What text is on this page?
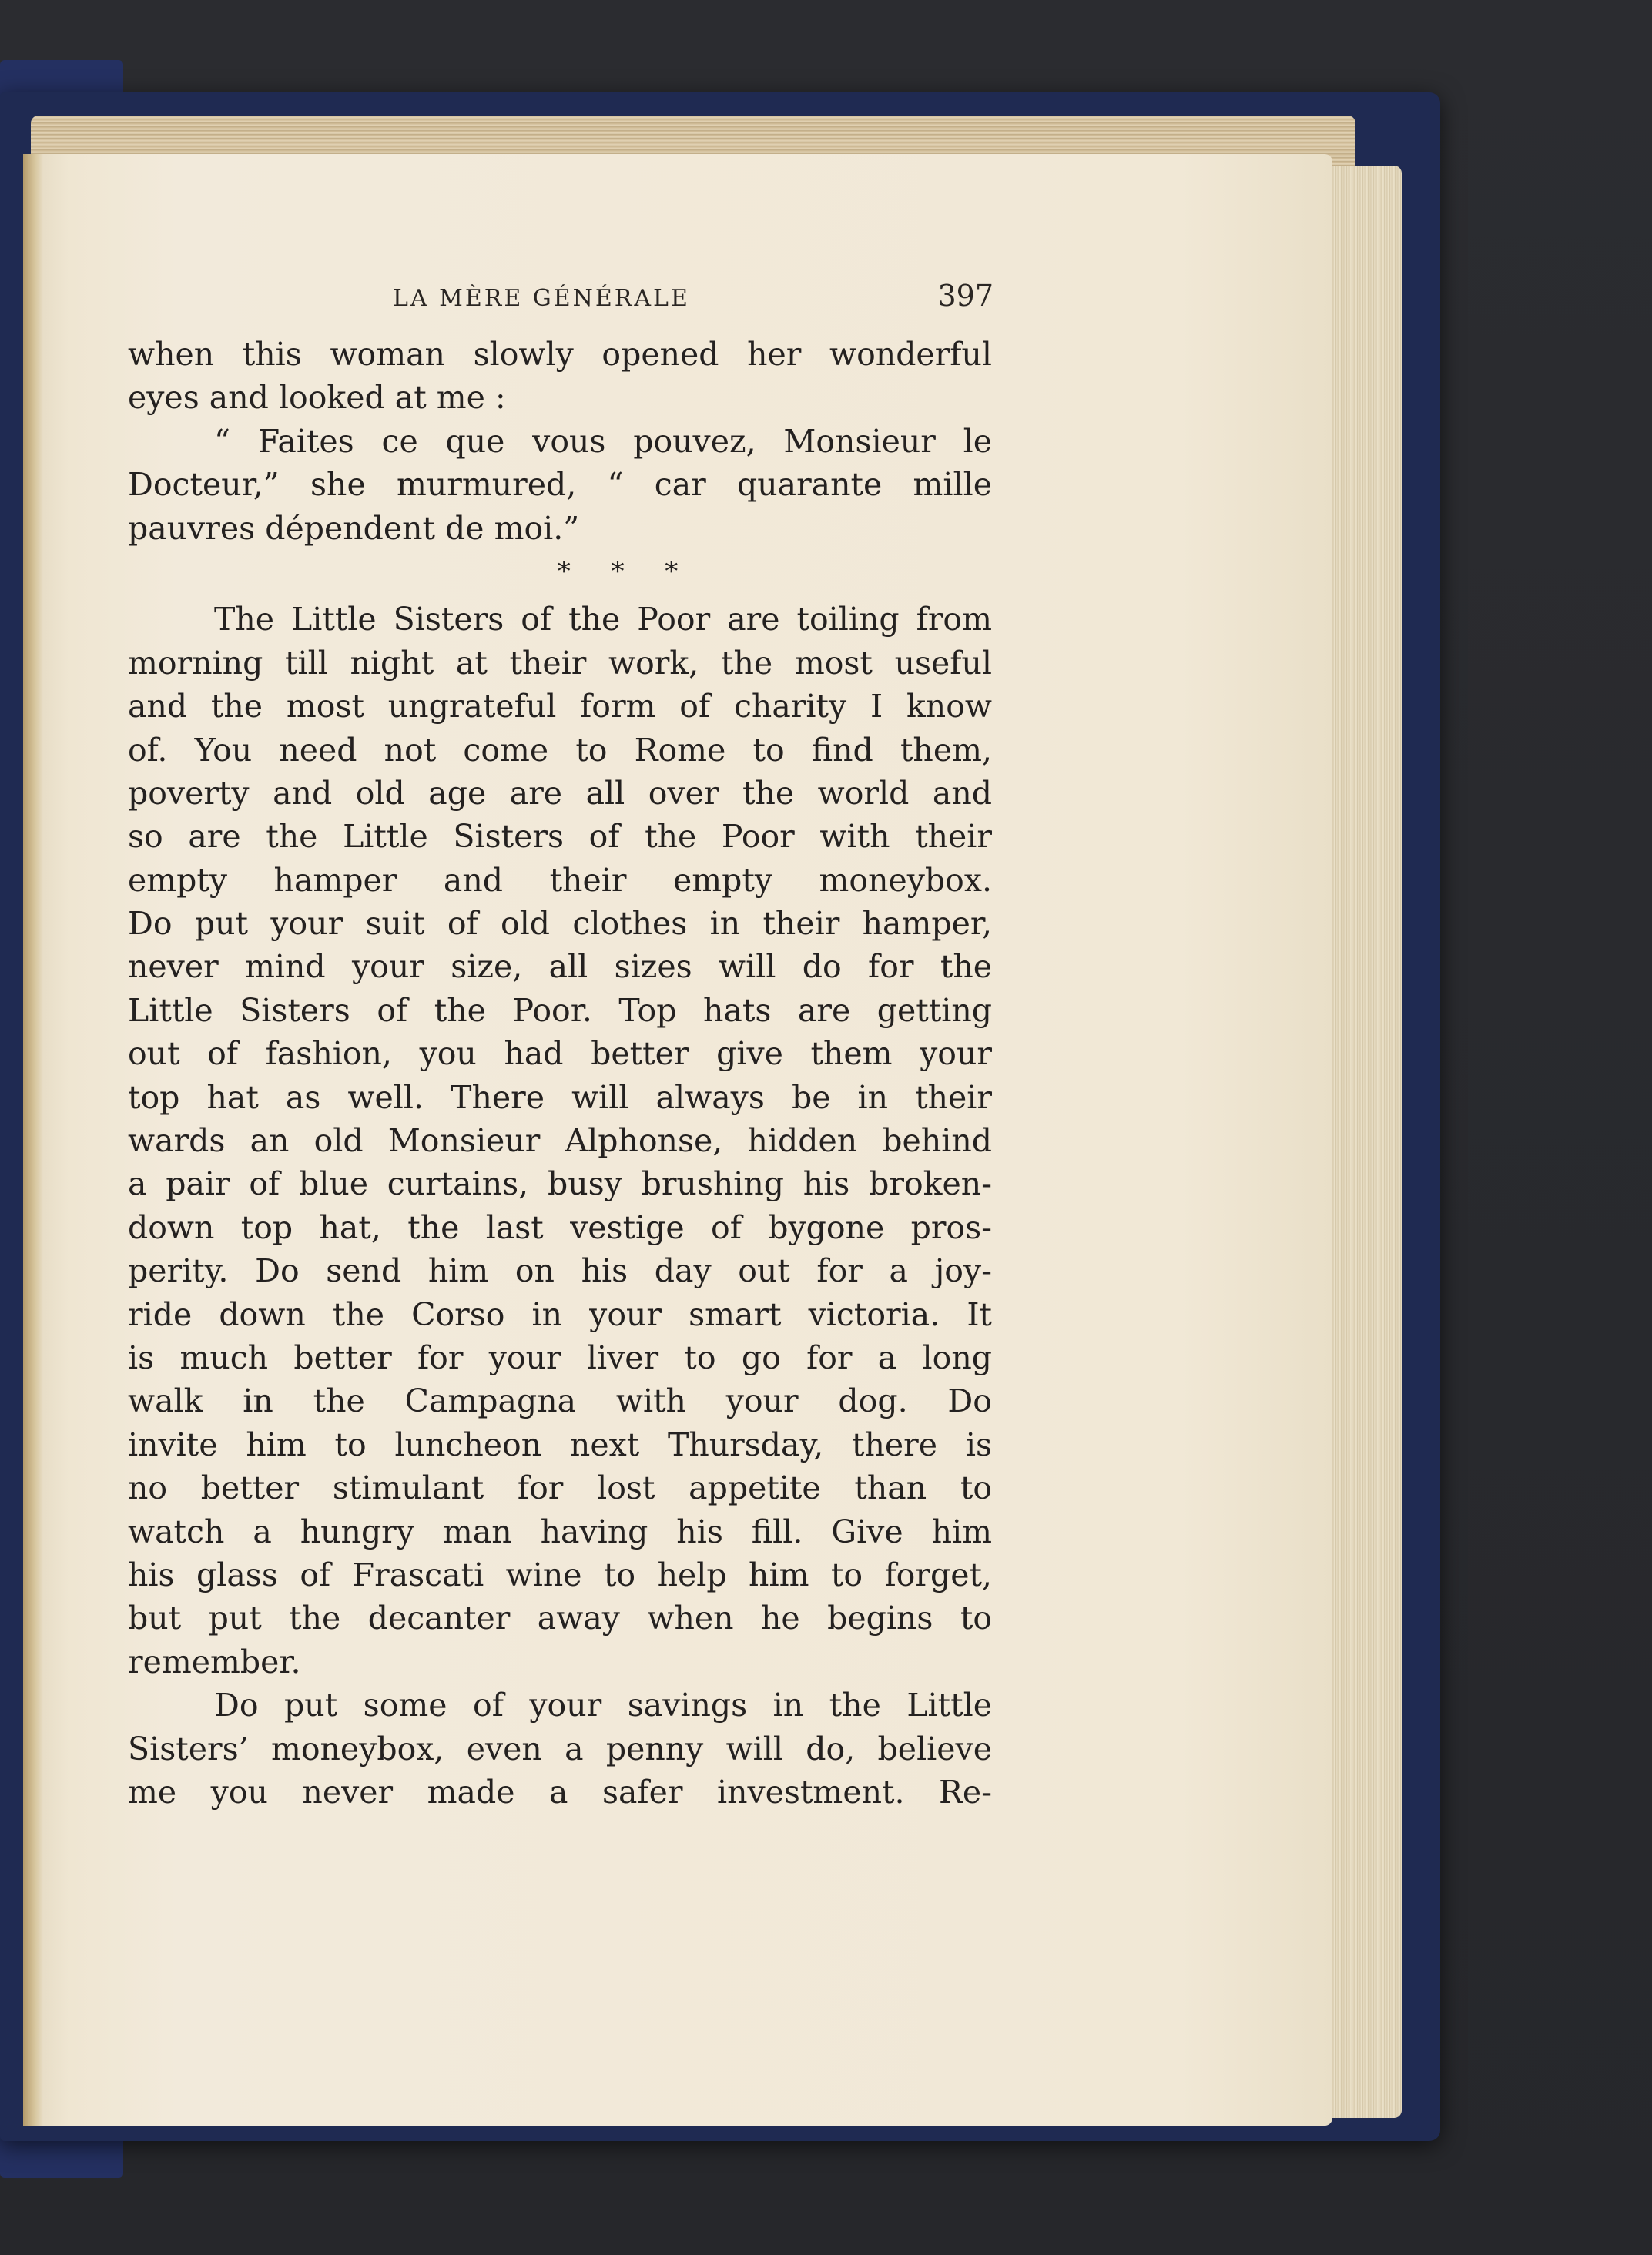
LA MÈRE GÉNÉRALE	397
when this woman slowly opened her wonderful
eyes and looked at me :
“ Faites ce que vous pouvez, Monsieur le
Docteur,” she murmured, “ car quarante mille
pauvres dépendent de moi.”
* * *
The Little Sisters of the Poor are toiling from
morning till night at their work, the most useful
and the most ungrateful form of charity I know
of. You need not come to Rome to find them,
poverty and old age are all over the world and
so are the Little Sisters of the Poor with their
empty hamper and their empty moneybox.
Do put your suit of old clothes in their hamper,
never mind your size, all sizes will do for the
Little Sisters of the Poor. Top hats are getting
out of fashion, you had better give them your
top hat as well. There will always be in their
wards an old Monsieur Alphonse, hidden behind
a pair of blue curtains, busy brushing his broken-
down top hat, the last vestige of bygone pros-
perity. Do send him on his day out for a joy-
ride down the Corso in your smart victoria. It
is much better for your liver to go for a long
walk in the Campagna with your dog. Do
invite him to luncheon next Thursday, there is
no better stimulant for lost appetite than to
watch a hungry man having his fill. Give him
his glass of Frascati wine to help him to forget,
but put the decanter away when he begins to
remember.
Do put some of your savings in the Little
Sisters’ moneybox, even a penny will do, believe
me you never made a safer investment. Re-
